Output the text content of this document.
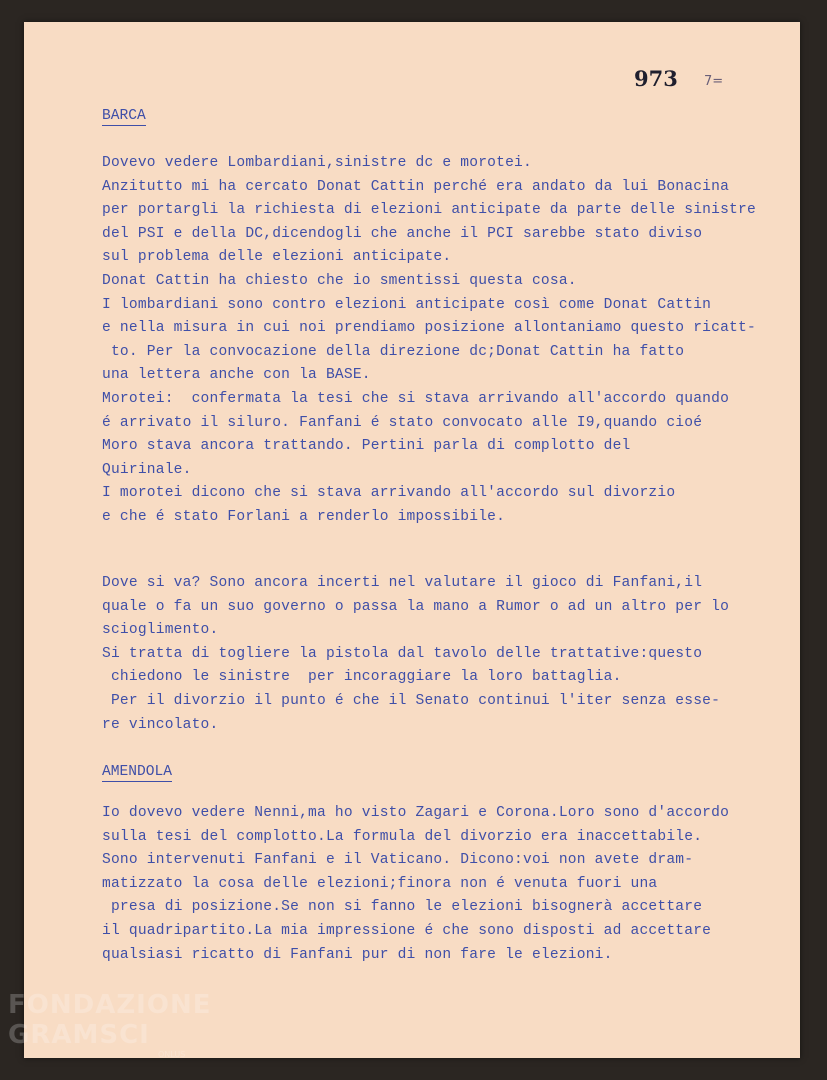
973 7=
BARCA
Dovevo vedere Lombardiani,sinistre dc e morotei.
Anzitutto mi ha cercato Donat Cattin perché era andato da lui Bonacina
per portargli la richiesta di elezioni anticipate da parte delle sinistre
del PSI e della DC,dicendogli che anche il PCI sarebbe stato diviso
sul problema delle elezioni anticipate.
Donat Cattin ha chiesto che io smentissi questa cosa.
I lombardiani sono contro elezioni anticipate così come Donat Cattin
e nella misura in cui noi prendiamo posizione allontaniamo questo ricatt-
to. Per la convocazione della direzione dc;Donat Cattin ha fatto
una lettera anche con la BASE.
Morotei:  confermata la tesi che si stava arrivando all'accordo quando
é arrivato il siluro. Fanfani é stato convocato alle I9,quando cioé
Moro stava ancora trattando. Pertini parla di complotto del
Quirinale.
I morotei dicono che si stava arrivando all'accordo sul divorzio
e che é stato Forlani a renderlo impossibile.
Dove si va? Sono ancora incerti nel valutare il gioco di Fanfani,il
quale o fa un suo governo o passa la mano a Rumor o ad un altro per lo
scioglimento.
Si tratta di togliere la pistola dal tavolo delle trattative:questo
chiedono le sinistre  per incoraggiare la loro battaglia.
Per il divorzio il punto é che il Senato continui l'iter senza esse-
re vincolato.
AMENDOLA
Io dovevo vedere Nenni,ma ho visto Zagari e Corona.Loro sono d'accordo
sulla tesi del complotto.La formula del divorzio era inaccettabile.
Sono intervenuti Fanfani e il Vaticano. Dicono:voi non avete dram-
matizzato la cosa delle elezioni;finora non é venuta fuori una
presa di posizione.Se non si fanno le elezioni bisognerà accettare
il quadripartito.La mia impressione é che sono disposti ad accettare
qualsiasi ricatto di Fanfani pur di non fare le elezioni.
FONDAZIONE
GRAMSCI
ONLUS
